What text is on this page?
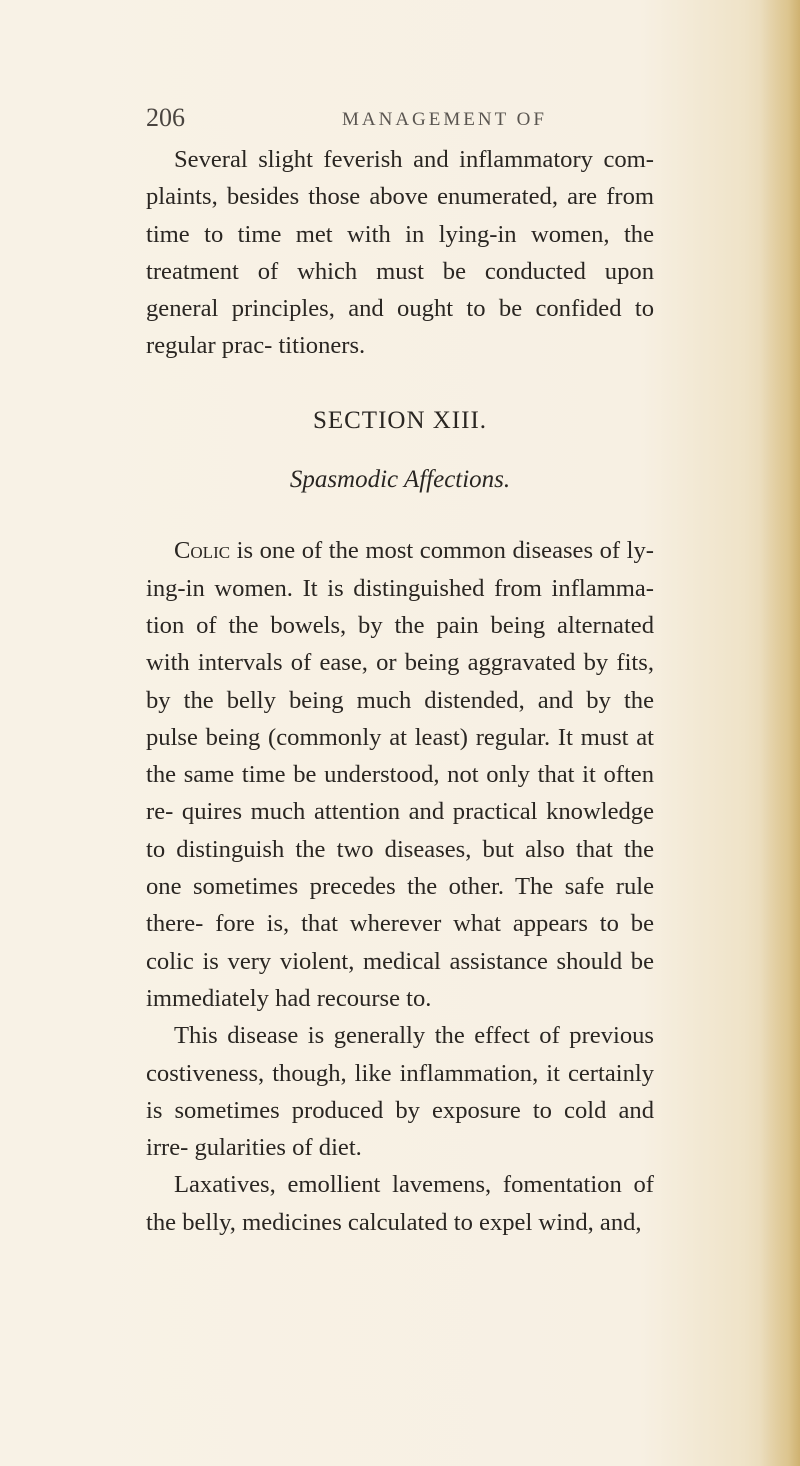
206	MANAGEMENT OF

Several slight feverish and inflammatory com- plaints, besides those above enumerated, are from time to time met with in lying-in women, the treatment of which must be conducted upon general principles, and ought to be confided to regular prac- titioners.

SECTION XIII.
Spasmodic Affections.

Colic is one of the most common diseases of ly- ing-in women. It is distinguished from inflamma- tion of the bowels, by the pain being alternated with intervals of ease, or being aggravated by fits, by the belly being much distended, and by the pulse being (commonly at least) regular. It must at the same time be understood, not only that it often re- quires much attention and practical knowledge to distinguish the two diseases, but also that the one sometimes precedes the other. The safe rule there- fore is, that wherever what appears to be colic is very violent, medical assistance should be immediately had recourse to.

This disease is generally the effect of previous costiveness, though, like inflammation, it certainly is sometimes produced by exposure to cold and irre- gularities of diet.

Laxatives, emollient lavemens, fomentation of the belly, medicines calculated to expel wind, and,
